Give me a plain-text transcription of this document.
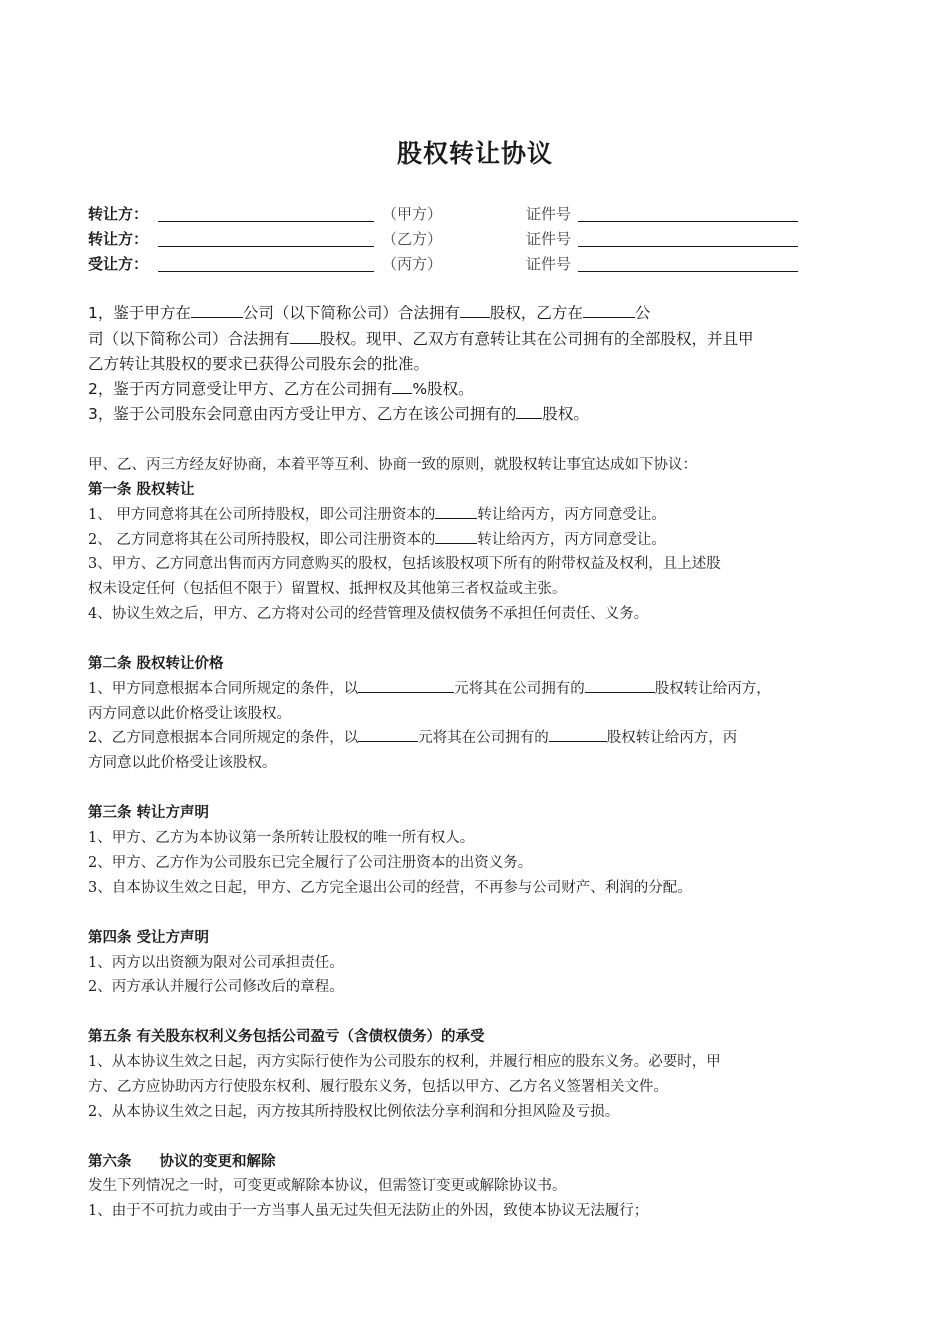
股权转让协议
转让方：	（甲方）	证件号
转让方：	（乙方）	证件号
受让方：	（丙方）	证件号
1，鉴于甲方在	公司（以下简称公司）合法拥有 股权，乙方在	公
司（以下简称公司）合法拥有 股权。现甲、乙双方有意转让其在公司拥有的全部股权，并且甲
乙方转让其股权的要求已获得公司股东会的批准。
2，鉴于丙方同意受让甲方、乙方在公司拥有 %股权。
3，鉴于公司股东会同意由丙方受让甲方、乙方在该公司拥有的 股权。
甲、乙、丙三方经友好协商，本着平等互利、协商一致的原则，就股权转让事宜达成如下协议：
第一条 股权转让
1、 甲方同意将其在公司所持股权，即公司注册资本的	转让给丙方，丙方同意受让。
2、 乙方同意将其在公司所持股权，即公司注册资本的	转让给丙方，丙方同意受让。
3、甲方、乙方同意出售而丙方同意购买的股权，包括该股权项下所有的附带权益及权利，且上述股
权未设定任何（包括但不限于）留置权、抵押权及其他第三者权益或主张。
4、协议生效之后，甲方、乙方将对公司的经营管理及债权债务不承担任何责任、义务。
第二条 股权转让价格
1、甲方同意根据本合同所规定的条件，以	元将其在公司拥有的	股权转让给丙方，
丙方同意以此价格受让该股权。
2、乙方同意根据本合同所规定的条件，以	元将其在公司拥有的	股权转让给丙方，丙
方同意以此价格受让该股权。
第三条 转让方声明
1、甲方、乙方为本协议第一条所转让股权的唯一所有权人。
2、甲方、乙方作为公司股东已完全履行了公司注册资本的出资义务。
3、自本协议生效之日起，甲方、乙方完全退出公司的经营，不再参与公司财产、利润的分配。
第四条 受让方声明
1、丙方以出资额为限对公司承担责任。
2、丙方承认并履行公司修改后的章程。
第五条 有关股东权利义务包括公司盈亏（含债权债务）的承受
1、从本协议生效之日起，丙方实际行使作为公司股东的权利，并履行相应的股东义务。必要时，甲
方、乙方应协助丙方行使股东权利、履行股东义务，包括以甲方、乙方名义签署相关文件。
2、从本协议生效之日起，丙方按其所持股权比例依法分享利润和分担风险及亏损。
第六条 协议的变更和解除
发生下列情况之一时，可变更或解除本协议，但需签订变更或解除协议书。
1、由于不可抗力或由于一方当事人虽无过失但无法防止的外因，致使本协议无法履行；
